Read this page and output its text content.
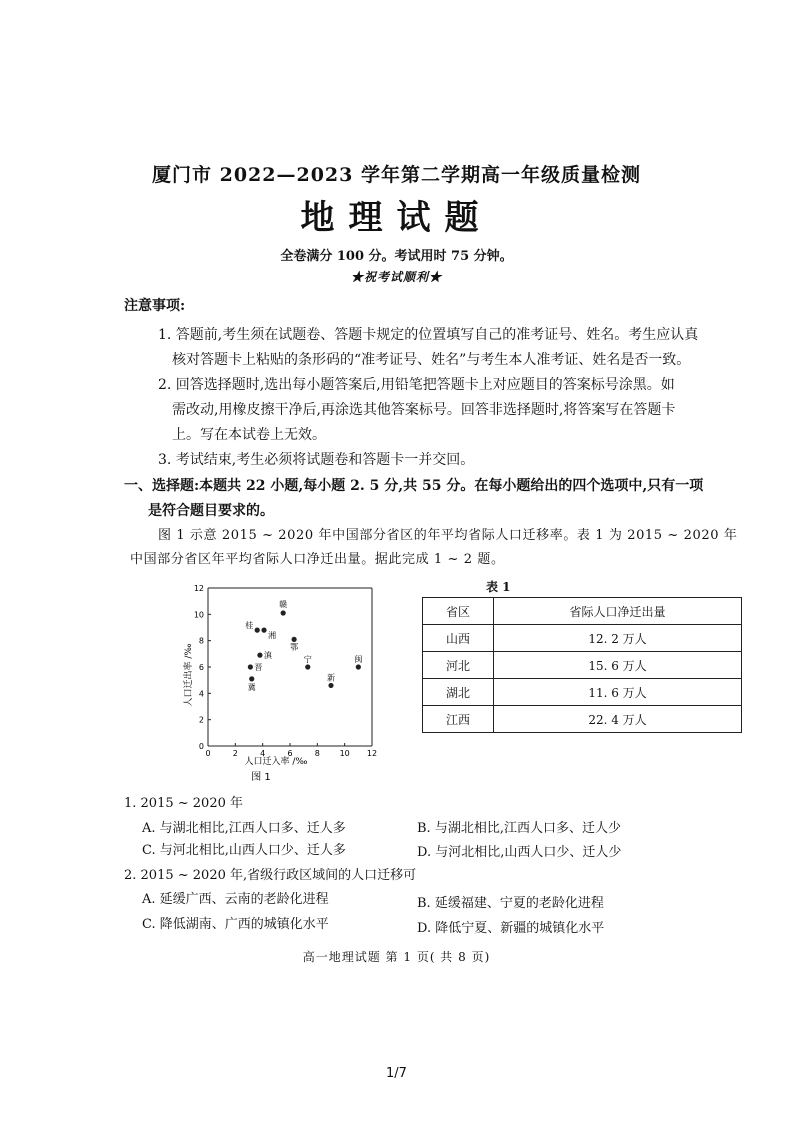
厦门市 2022—2023 学年第二学期高一年级质量检测
地理试题
全卷满分 100 分。考试用时 75 分钟。
★祝考试顺利★
注意事项:
1. 答题前,考生须在试题卷、答题卡规定的位置填写自己的准考证号、姓名。考生应认真
核对答题卡上粘贴的条形码的“准考证号、姓名”与考生本人准考证、姓名是否一致。
2. 回答选择题时,选出每小题答案后,用铅笔把答题卡上对应题目的答案标号涂黑。如
需改动,用橡皮擦干净后,再涂选其他答案标号。回答非选择题时,将答案写在答题卡
上。写在本试卷上无效。
3. 考试结束,考生必须将试题卷和答题卡一并交回。
一、选择题:本题共 22 小题,每小题 2. 5 分,共 55 分。在每小题给出的四个选项中,只有一项
是符合题目要求的。
图 1 示意 2015 ~ 2020 年中国部分省区的年平均省际人口迁移率。表 1 为 2015 ~ 2020 年
中国部分省区年平均省际人口净迁出量。据此完成 1 ~ 2 题。
0	2	4	6	8 10 12
0
2
4
6
8
10
12
赣
桂
湘
鄂
滇
晋
宁	闽
冀
新
人口迁入率 /‰
人口迁出率 /‰
图 1
表 1
省区	省际人口净迁出量
山西	12. 2 万人
河北	15. 6 万人
湖北	11. 6 万人
江西	22. 4 万人
1. 2015 ~ 2020 年
A. 与湖北相比,江西人口多、迁人多	B. 与湖北相比,江西人口多、迁人少
C. 与河北相比,山西人口少、迁人多	D. 与河北相比,山西人口少、迁人少
2. 2015 ~ 2020 年,省级行政区域间的人口迁移可
A. 延缓广西、云南的老龄化进程	B. 延缓福建、宁夏的老龄化进程
C. 降低湖南、广西的城镇化水平	D. 降低宁夏、新疆的城镇化水平
高一地理试题 第 1 页( 共 8 页)
1/7
